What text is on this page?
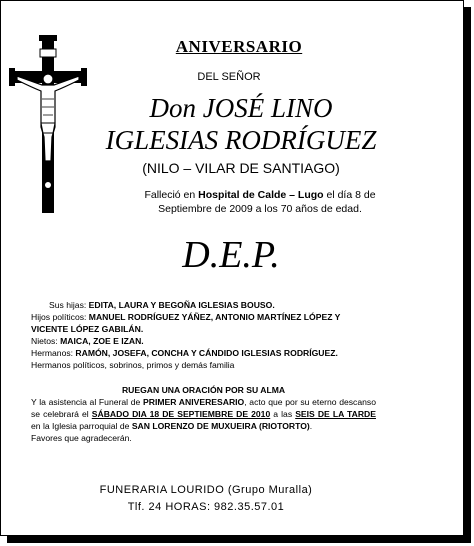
ANIVERSARIO
DEL SEÑOR
Don JOSÉ LINO
IGLESIAS RODRÍGUEZ
(NILO – VILAR DE SANTIAGO)
Falleció en Hospital de Calde – Lugo el día 8 de Septiembre de 2009 a los 70 años de edad.
D.E.P.

Sus hijas: EDITA, LAURA Y BEGOÑA IGLESIAS BOUSO.

Hijos políticos: MANUEL RODRÍGUEZ YÁÑEZ, ANTONIO MARTÍNEZ LÓPEZ Y VICENTE LÓPEZ GABILÁN.

Nietos: MAICA, ZOE E IZAN.

Hermanos: RAMÓN, JOSEFA, CONCHA Y CÁNDIDO IGLESIAS RODRÍGUEZ.

Hermanos políticos, sobrinos, primos y demás familia

RUEGAN UNA ORACIÓN POR SU ALMA

Y la asistencia al Funeral de PRIMER ANIVERESARIO, acto que por su eterno descanso se celebrará el SÁBADO DIA 18 DE SEPTIEMBRE DE 2010 a las SEIS DE LA TARDE en la Iglesia parroquial de SAN LORENZO DE MUXUEIRA (RIOTORTO).

Favores que agradecerán.

FUNERARIA LOURIDO (Grupo Muralla)

Tlf. 24 HORAS: 982.35.57.01
